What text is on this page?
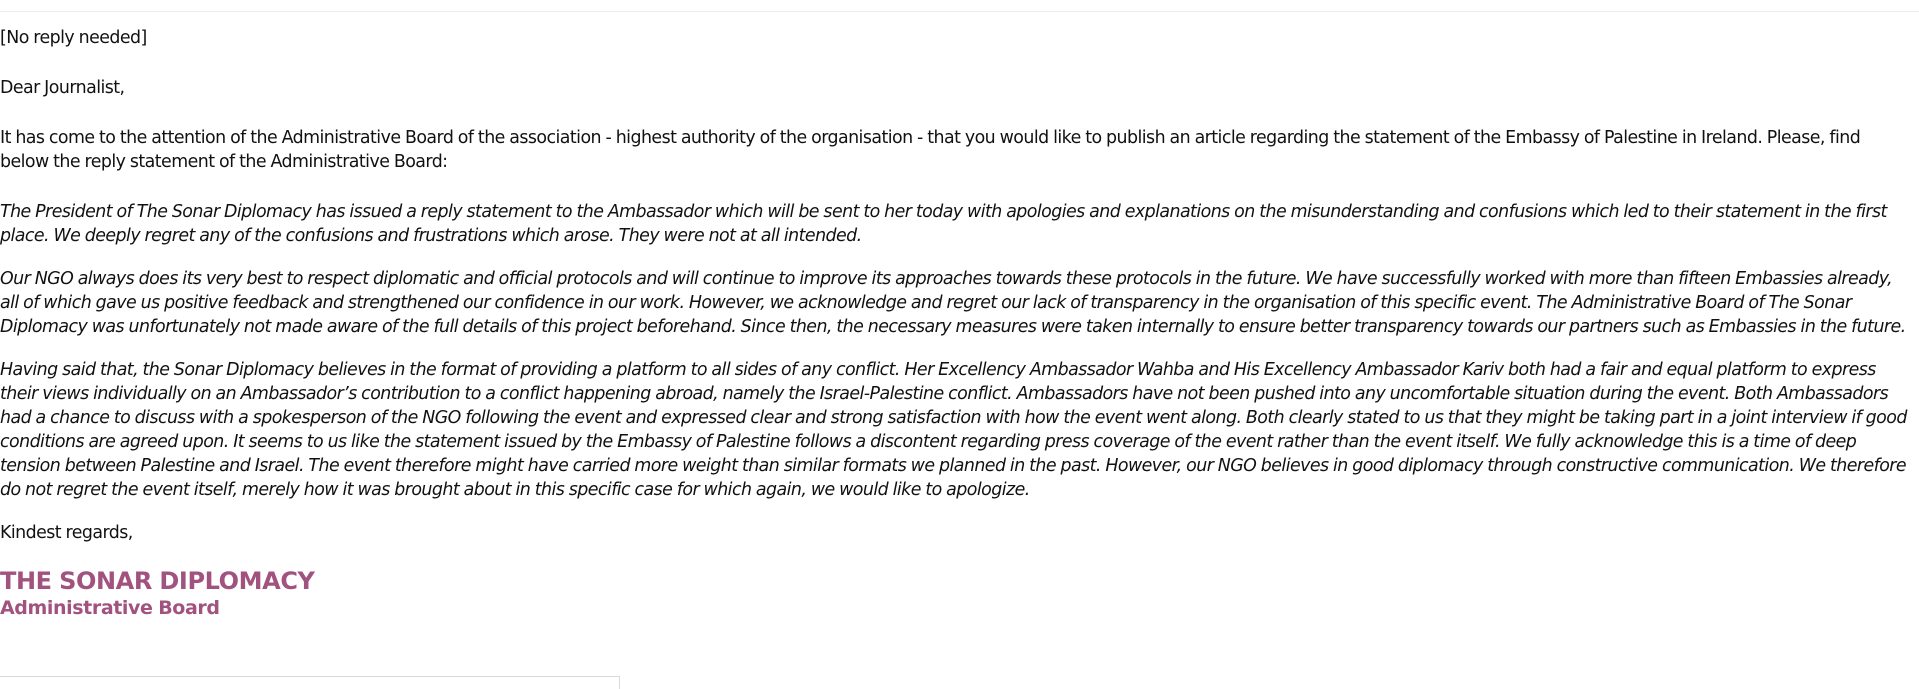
[No reply needed]

Dear Journalist,

It has come to the attention of the Administrative Board of the association - highest authority of the organisation - that you would like to publish an article regarding the statement of the Embassy of Palestine in Ireland. Please, find below the reply statement of the Administrative Board:

The President of The Sonar Diplomacy has issued a reply statement to the Ambassador which will be sent to her today with apologies and explanations on the misunderstanding and confusions which led to their statement in the first place. We deeply regret any of the confusions and frustrations which arose. They were not at all intended.

Our NGO always does its very best to respect diplomatic and official protocols and will continue to improve its approaches towards these protocols in the future. We have successfully worked with more than fifteen Embassies already, all of which gave us positive feedback and strengthened our confidence in our work. However, we acknowledge and regret our lack of transparency in the organisation of this specific event. The Administrative Board of The Sonar Diplomacy was unfortunately not made aware of the full details of this project beforehand. Since then, the necessary measures were taken internally to ensure better transparency towards our partners such as Embassies in the future.

Having said that, the Sonar Diplomacy believes in the format of providing a platform to all sides of any conflict. Her Excellency Ambassador Wahba and His Excellency Ambassador Kariv both had a fair and equal platform to express their views individually on an Ambassador’s contribution to a conflict happening abroad, namely the Israel-Palestine conflict. Ambassadors have not been pushed into any uncomfortable situation during the event. Both Ambassadors had a chance to discuss with a spokesperson of the NGO following the event and expressed clear and strong satisfaction with how the event went along. Both clearly stated to us that they might be taking part in a joint interview if good conditions are agreed upon. It seems to us like the statement issued by the Embassy of Palestine follows a discontent regarding press coverage of the event rather than the event itself. We fully acknowledge this is a time of deep tension between Palestine and Israel. The event therefore might have carried more weight than similar formats we planned in the past. However, our NGO believes in good diplomacy through constructive communication. We therefore do not regret the event itself, merely how it was brought about in this specific case for which again, we would like to apologize.

Kindest regards,

THE SONAR DIPLOMACY

Administrative Board
